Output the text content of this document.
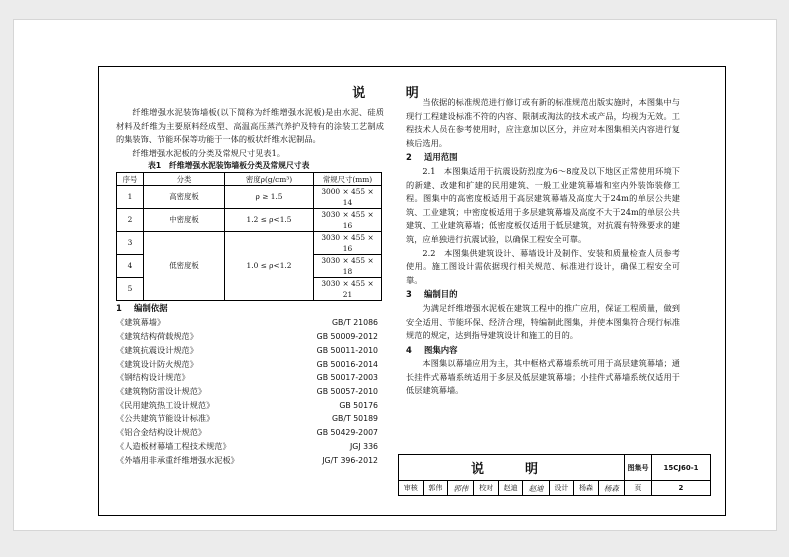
说 明

纤维增强水泥装饰墙板(以下简称为纤维增强水泥板)是由水泥、硅质材料及纤维为主要原料经成型、高温高压蒸汽养护及特有的涂装工艺制成的集装饰、节能环保等功能于一体的板状纤维水泥制品。

纤维增强水泥板的分类及常规尺寸见表1。

表1　纤维增强水泥装饰墙板分类及常规尺寸表
序号	分类	密度ρ(g/cm³)	常规尺寸(mm)
1	高密度板	ρ ≥ 1.5	3000 × 455 × 14
2	中密度板	1.2 ≤ ρ<1.5	3030 × 455 × 16
3	低密度板	1.0 ≤ ρ<1.2	3030 × 455 × 16
4			3030 × 455 × 18
5			3030 × 455 × 21
1 编制依据
《建筑幕墙》	GB/T 21086
《建筑结构荷载规范》	GB 50009-2012
《建筑抗震设计规范》	GB 50011-2010
《建筑设计防火规范》	GB 50016-2014
《钢结构设计规范》	GB 50017-2003
《建筑物防雷设计规范》	GB 50057-2010
《民用建筑热工设计规范》	GB 50176
《公共建筑节能设计标准》	GB/T 50189
《铝合金结构设计规范》	GB 50429-2007
《人造板材幕墙工程技术规范》	JGJ 336
《外墙用非承重纤维增强水泥板》	JG/T 396-2012

当依据的标准规范进行修订或有新的标准规范出版实施时，本图集中与现行工程建设标准不符的内容、限制或淘汰的技术或产品，均视为无效。工程技术人员在参考使用时，应注意加以区分，并应对本图集相关内容进行复核后选用。

2 适用范围

2.1　本图集适用于抗震设防烈度为6～8度及以下地区正常使用环境下的新建、改建和扩建的民用建筑、一般工业建筑幕墙和室内外装饰装修工程。图集中的高密度板适用于高层建筑幕墙及高度大于24m的单层公共建筑、工业建筑；中密度板适用于多层建筑幕墙及高度不大于24m的单层公共建筑、工业建筑幕墙；低密度板仅适用于低层建筑，对抗震有特殊要求的建筑，应单独进行抗震试验，以确保工程安全可靠。

2.2　本图集供建筑设计、幕墙设计及制作、安装和质量检查人员参考使用。施工图设计需依据现行相关规范、标准进行设计，确保工程安全可靠。

3 编制目的

为满足纤维增强水泥板在建筑工程中的推广应用，保证工程质量，做到安全适用、节能环保、经济合理，特编制此图集，并使本图集符合现行标准规范的规定，达到指导建筑设计和施工的目的。

4 图集内容

本图集以幕墙应用为主，其中框格式幕墙系统可用于高层建筑幕墙；通长挂件式幕墙系统适用于多层及低层建筑幕墙；小挂件式幕墙系统仅适用于低层建筑幕墙。

说　明									图集号	15CJ60-1
审核	郭伟	郭伟	校对	赵迪	赵迪	设计	杨森	杨森	页	2
